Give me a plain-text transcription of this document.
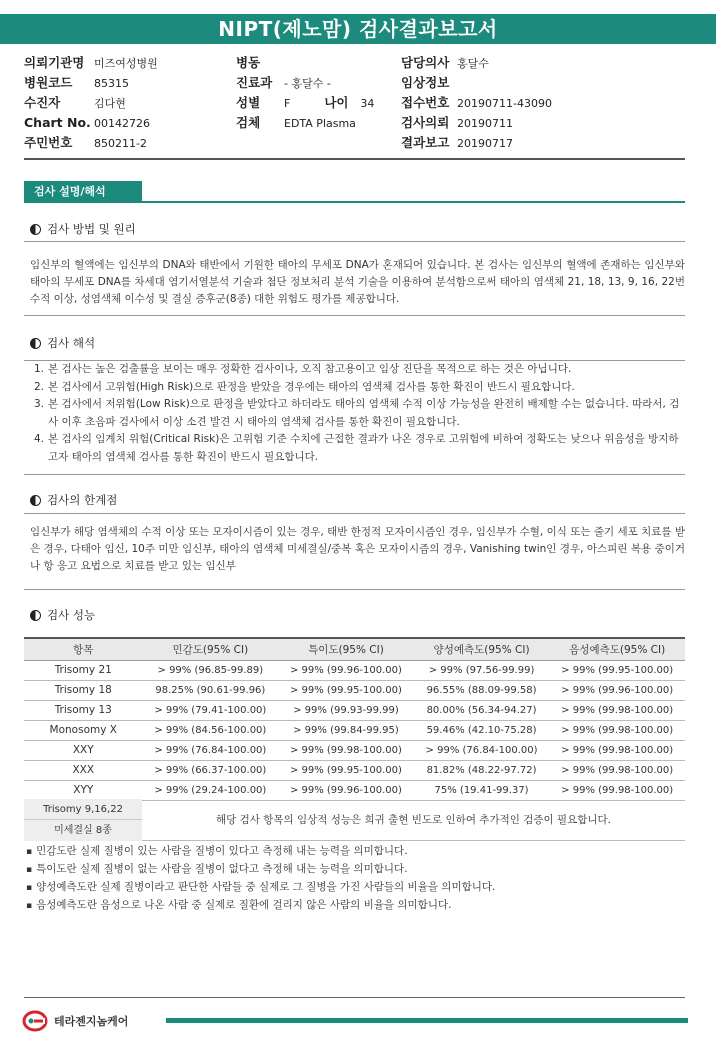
NIPT(제노맘) 검사결과보고서
의뢰기관명 미즈여성병원
병원코드 85315
수진자	김다현
Chart No. 00142726
주민번호 850211-2
병동
진료과 - 홍달수 -
성별 F	나이 34
검체 EDTA Plasma
담당의사 홍달수
임상정보
접수번호 20190711-43090
검사의뢰 20190711
결과보고 20190717
검사 설명/해석
검사 방법 및 원리
임신부의 혈액에는 임신부의 DNA와 태반에서 기원한 태아의 무세포 DNA가 혼재되어 있습니다. 본 검사는 임신부의 혈액에 존재하는 임신부와 태아의 무세포 DNA를 차세대 염기서열분석 기술과 첨단 정보처리 분석 기술을 이용하여 분석함으로써 태아의 염색체 21, 18, 13, 9, 16, 22번 수적 이상, 성염색체 이수성 및 결실 증후군(8종) 대한 위험도 평가를 제공합니다.
검사 해석
1. 본 검사는 높은 검출률을 보이는 매우 정확한 검사이나, 오직 참고용이고 임상 진단을 목적으로 하는 것은 아닙니다.
2. 본 검사에서 고위험(High Risk)으로 판정을 받았을 경우에는 태아의 염색체 검사를 통한 확진이 반드시 필요합니다.
3. 본 검사에서 저위험(Low Risk)으로 판정을 받았다고 하더라도 태아의 염색체 수적 이상 가능성을 완전히 배제할 수는 없습니다. 따라서, 검사 이후 초음파 검사에서 이상 소견 발견 시 태아의 염색체 검사를 통한 확진이 필요합니다.
4. 본 검사의 임계치 위험(Critical Risk)은 고위험 기준 수치에 근접한 결과가 나온 경우로 고위험에 비하여 정확도는 낮으나 위음성을 방지하고자 태아의 염색체 검사를 통한 확진이 반드시 필요합니다.
검사의 한계점
임신부가 해당 염색체의 수적 이상 또는 모자이시즘이 있는 경우, 태반 한정적 모자이시즘인 경우, 임신부가 수혈, 이식 또는 줄기 세포 치료를 받은 경우, 다태아 임신, 10주 미만 임신부, 태아의 염색체 미세결실/중복 혹은 모자이시즘의 경우, Vanishing twin인 경우, 아스피린 복용 중이거나 항 응고 요법으로 치료를 받고 있는 임신부
검사 성능
항목	민감도(95% CI)	특이도(95% CI)	양성예측도(95% CI)	음성예측도(95% CI)
Trisomy 21	> 99% (96.85-99.89)	> 99% (99.96-100.00)	> 99% (97.56-99.99)	> 99% (99.95-100.00)
Trisomy 18	98.25% (90.61-99.96)	> 99% (99.95-100.00)	96.55% (88.09-99.58)	> 99% (99.96-100.00)
Trisomy 13	> 99% (79.41-100.00)	> 99% (99.93-99.99)	80.00% (56.34-94.27)	> 99% (99.98-100.00)
Monosomy X	> 99% (84.56-100.00)	> 99% (99.84-99.95)	59.46% (42.10-75.28)	> 99% (99.98-100.00)
XXY	> 99% (76.84-100.00)	> 99% (99.98-100.00)	> 99% (76.84-100.00)	> 99% (99.98-100.00)
XXX	> 99% (66.37-100.00)	> 99% (99.95-100.00)	81.82% (48.22-97.72)	> 99% (99.98-100.00)
XYY	> 99% (29.24-100.00)	> 99% (99.96-100.00)	75% (19.41-99.37)	> 99% (99.98-100.00)
Trisomy 9,16,22
미세결실 8종
해당 검사 항목의 임상적 성능은 희귀 출현 빈도로 인하여 추가적인 검증이 필요합니다.
▪ 민감도란 실제 질병이 있는 사람을 질병이 있다고 측정해 내는 능력을 의미합니다.
▪ 특이도란 실제 질병이 없는 사람을 질병이 없다고 측정해 내는 능력을 의미합니다.
▪ 양성예측도란 실제 질병이라고 판단한 사람들 중 실제로 그 질병을 가진 사람들의 비율을 의미합니다.
▪ 음성예측도란 음성으로 나온 사람 중 실제로 질환에 걸리지 않은 사람의 비율을 의미합니다.
테라젠지놈케어
